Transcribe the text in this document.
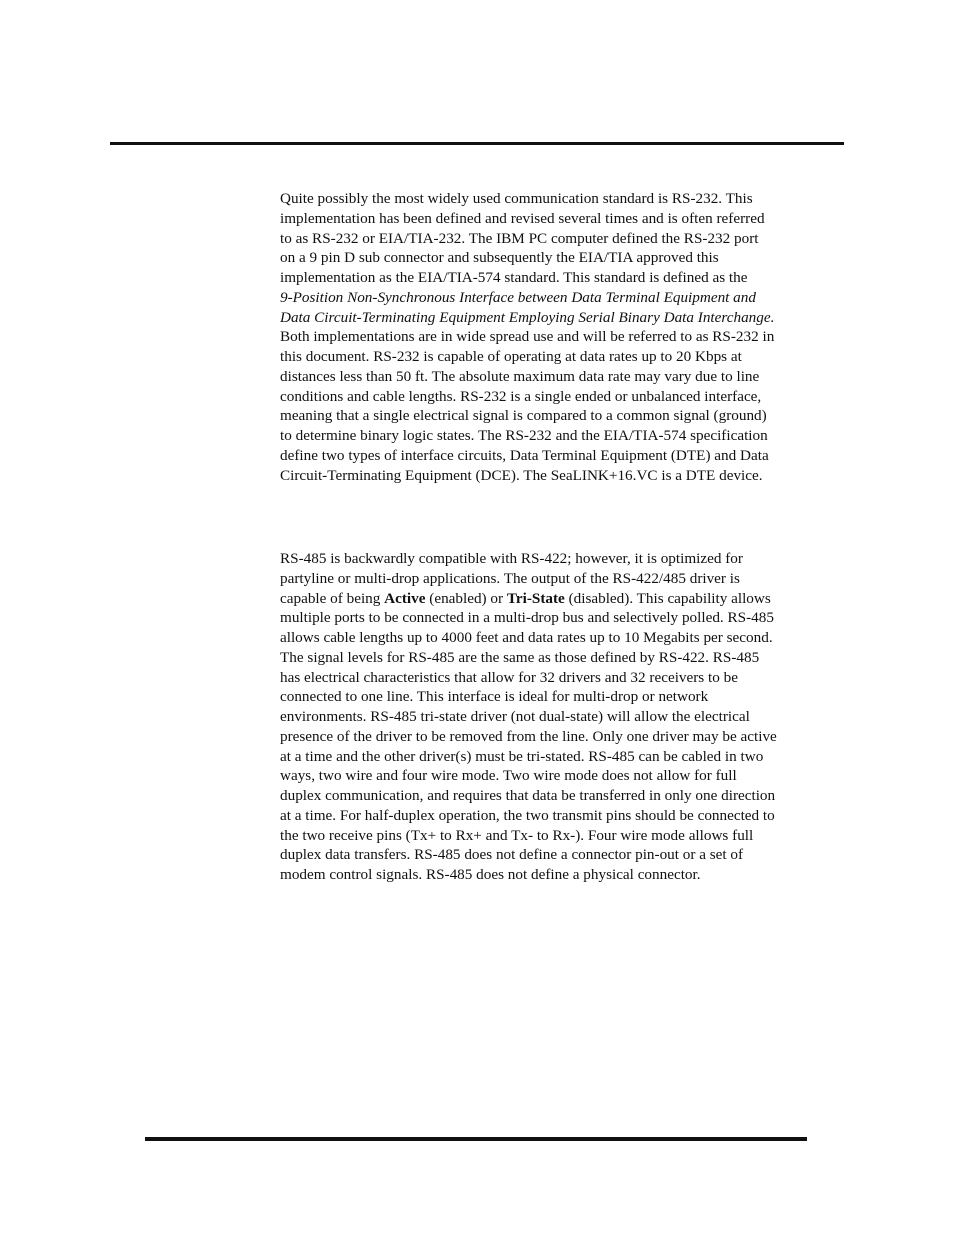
Quite possibly the most widely used communication standard is RS-232. This
implementation has been defined and revised several times and is often referred
to as RS-232 or EIA/TIA-232. The IBM PC computer defined the RS-232 port
on a 9 pin D sub connector and subsequently the EIA/TIA approved this
implementation as the EIA/TIA-574 standard. This standard is defined as the
9-Position Non-Synchronous Interface between Data Terminal Equipment and
Data Circuit-Terminating Equipment Employing Serial Binary Data Interchange.
Both implementations are in wide spread use and will be referred to as RS-232 in
this document. RS-232 is capable of operating at data rates up to 20 Kbps at
distances less than 50 ft. The absolute maximum data rate may vary due to line
conditions and cable lengths. RS-232 is a single ended or unbalanced interface,
meaning that a single electrical signal is compared to a common signal (ground)
to determine binary logic states. The RS-232 and the EIA/TIA-574 specification
define two types of interface circuits, Data Terminal Equipment (DTE) and Data
Circuit-Terminating Equipment (DCE). The SeaLINK+16.VC is a DTE device.
RS-485 is backwardly compatible with RS-422; however, it is optimized for
partyline or multi-drop applications. The output of the RS-422/485 driver is
capable of being Active (enabled) or Tri-State (disabled). This capability allows
multiple ports to be connected in a multi-drop bus and selectively polled. RS-485
allows cable lengths up to 4000 feet and data rates up to 10 Megabits per second.
The signal levels for RS-485 are the same as those defined by RS-422. RS-485
has electrical characteristics that allow for 32 drivers and 32 receivers to be
connected to one line. This interface is ideal for multi-drop or network
environments. RS-485 tri-state driver (not dual-state) will allow the electrical
presence of the driver to be removed from the line. Only one driver may be active
at a time and the other driver(s) must be tri-stated. RS-485 can be cabled in two
ways, two wire and four wire mode. Two wire mode does not allow for full
duplex communication, and requires that data be transferred in only one direction
at a time. For half-duplex operation, the two transmit pins should be connected to
the two receive pins (Tx+ to Rx+ and Tx- to Rx-). Four wire mode allows full
duplex data transfers. RS-485 does not define a connector pin-out or a set of
modem control signals. RS-485 does not define a physical connector.
